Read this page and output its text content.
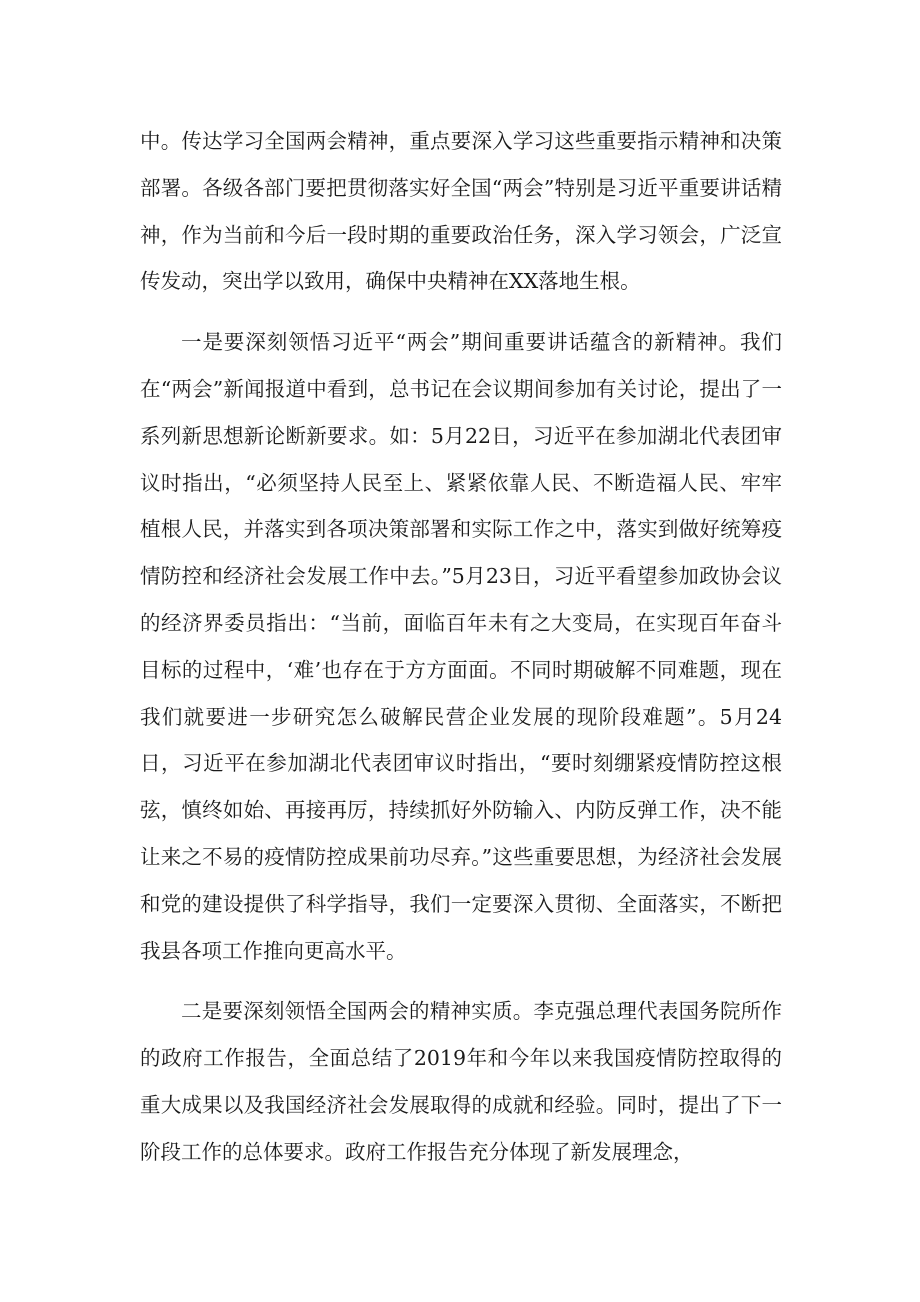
中。传达学习全国两会精神，重点要深入学习这些重要指示精神和决策部署。各级各部门要把贯彻落实好全国“两会”特别是习近平重要讲话精神，作为当前和今后一段时期的重要政治任务，深入学习领会，广泛宣传发动，突出学以致用，确保中央精神在XX落地生根。

一是要深刻领悟习近平“两会”期间重要讲话蕴含的新精神。我们在“两会”新闻报道中看到，总书记在会议期间参加有关讨论，提出了一系列新思想新论断新要求。如：5月22日，习近平在参加湖北代表团审议时指出，“必须坚持人民至上、紧紧依靠人民、不断造福人民、牢牢植根人民，并落实到各项决策部署和实际工作之中，落实到做好统筹疫情防控和经济社会发展工作中去。”5月23日，习近平看望参加政协会议的经济界委员指出：“当前，面临百年未有之大变局，在实现百年奋斗目标的过程中，‘难’也存在于方方面面。不同时期破解不同难题，现在我们就要进一步研究怎么破解民营企业发展的现阶段难题”。5月24日，习近平在参加湖北代表团审议时指出，“要时刻绷紧疫情防控这根弦，慎终如始、再接再厉，持续抓好外防输入、内防反弹工作，决不能让来之不易的疫情防控成果前功尽弃。”这些重要思想，为经济社会发展和党的建设提供了科学指导，我们一定要深入贯彻、全面落实，不断把我县各项工作推向更高水平。

二是要深刻领悟全国两会的精神实质。李克强总理代表国务院所作的政府工作报告，全面总结了2019年和今年以来我国疫情防控取得的重大成果以及我国经济社会发展取得的成就和经验。同时，提出了下一阶段工作的总体要求。政府工作报告充分体现了新发展理念，
